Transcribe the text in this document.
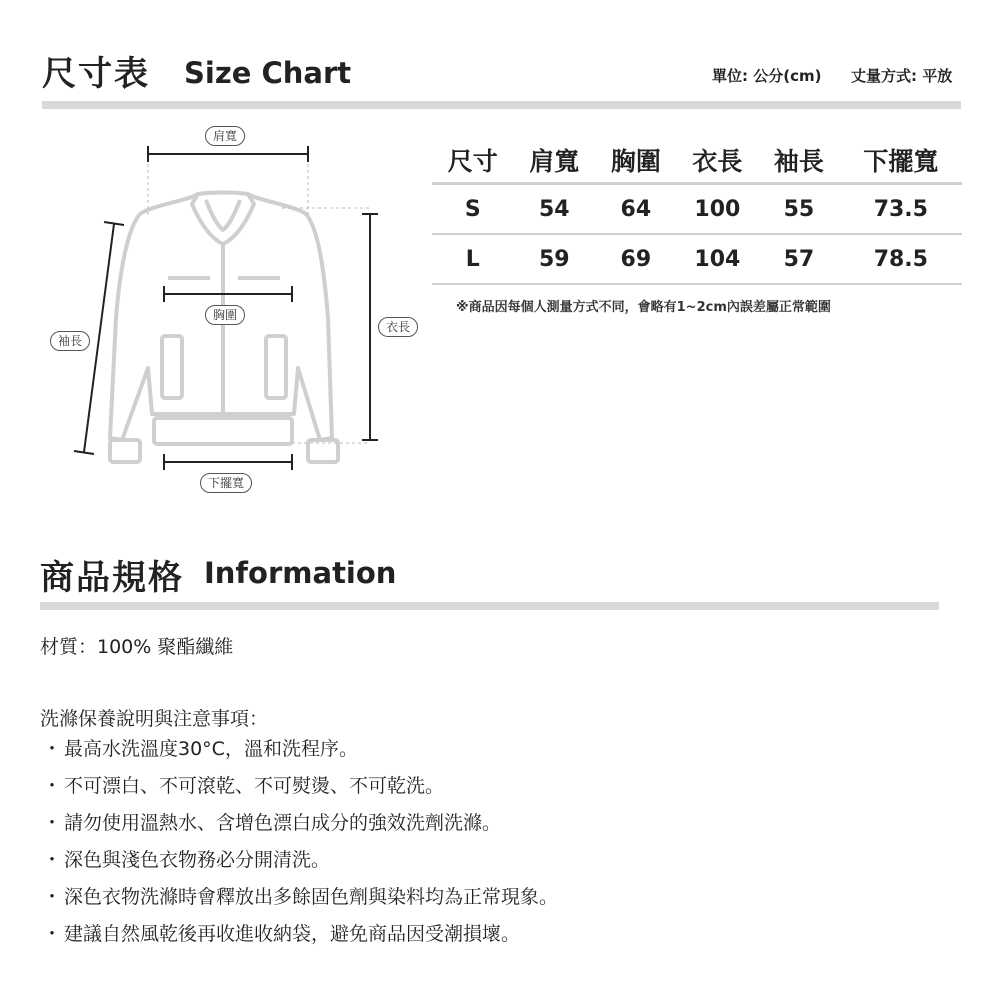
尺寸表 Size Chart	單位: 公分(cm) 丈量方式: 平放
肩寬
胸圍
袖長
衣長
下擺寬
尺寸	肩寬	胸圍	衣長	袖長	下擺寬
S	54	64	100	55	73.5
L	59	69	104	57	78.5
※商品因每個人測量方式不同，會略有1~2cm內誤差屬正常範圍
商品規格 Information
材質：100% 聚酯纖維
洗滌保養說明與注意事項：
・ 最高水洗溫度30°C，溫和洗程序。
・ 不可漂白、不可滾乾、不可熨燙、不可乾洗。
・ 請勿使用溫熱水、含增色漂白成分的強效洗劑洗滌。
・ 深色與淺色衣物務必分開清洗。
・ 深色衣物洗滌時會釋放出多餘固色劑與染料均為正常現象。
・ 建議自然風乾後再收進收納袋，避免商品因受潮損壞。
